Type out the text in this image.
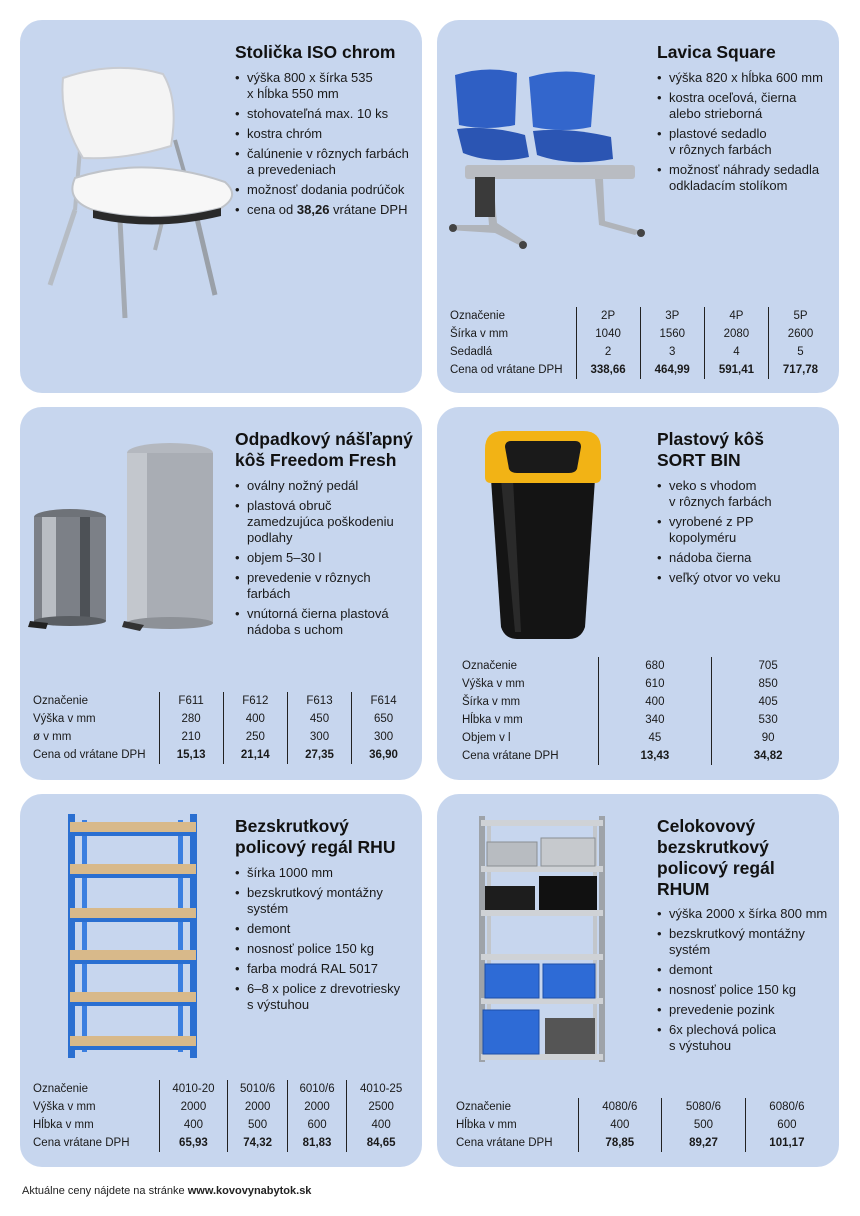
Stolička ISO chrom
• výška 800 x šírka 535
x hĺbka 550 mm
• stohovateľná max. 10 ks
• kostra chróm
• čalúnenie v rôznych farbách
a prevedeniach
• možnosť dodania podrúčok
• cena od 38,26 vrátane DPH
Lavica Square
• výška 820 x hĺbka 600 mm
• kostra oceľová, čierna
alebo strieborná
• plastové sedadlo
v rôznych farbách
• možnosť náhrady sedadla
odkladacím stolíkom
Označenie	2P	3P	4P	5P
Šírka v mm	1040	1560	2080	2600
Sedadlá	2	3	4	5
Cena od vrátane DPH	338,66	464,99	591,41	717,78
Odpadkový nášľapný
kôš Freedom Fresh
• oválny nožný pedál
• plastová obruč
zamedzujúca poškodeniu
podlahy
• objem 5–30 l
• prevedenie v rôznych
farbách
• vnútorná čierna plastová
nádoba s uchom
Označenie	F611	F612	F613	F614
Výška v mm	280	400	450	650
ø v mm	210	250	300	300
Cena od vrátane DPH	15,13	21,14	27,35	36,90
Plastový kôš
SORT BIN
• veko s vhodom
v rôznych farbách
• vyrobené z PP
kopolyméru
• nádoba čierna
• veľký otvor vo veku
Označenie	680	705
Výška v mm	610	850
Šírka v mm	400	405
Hĺbka v mm	340	530
Objem v l	45	90
Cena vrátane DPH	13,43	34,82
Bezskrutkový
policový regál RHU
• šírka 1000 mm
• bezskrutkový montážny
systém
• demont
• nosnosť police 150 kg
• farba modrá RAL 5017
• 6–8 x police z drevotriesky
s výstuhou
Označenie	4010-20	5010/6	6010/6	4010-25
Výška v mm	2000	2000	2000	2500
Hĺbka v mm	400	500	600	400
Cena vrátane DPH	65,93	74,32	81,83	84,65
Celokovový
bezskrutkový
policový regál
RHUM
• výška 2000 x šírka 800 mm
• bezskrutkový montážny
systém
• demont
• nosnosť police 150 kg
• prevedenie pozink
• 6x plechová polica
s výstuhou
Označenie	4080/6	5080/6	6080/6
Hĺbka v mm	400	500	600
Cena vrátane DPH	78,85	89,27	101,17
Aktuálne ceny nájdete na stránke www.kovovynabytok.sk
